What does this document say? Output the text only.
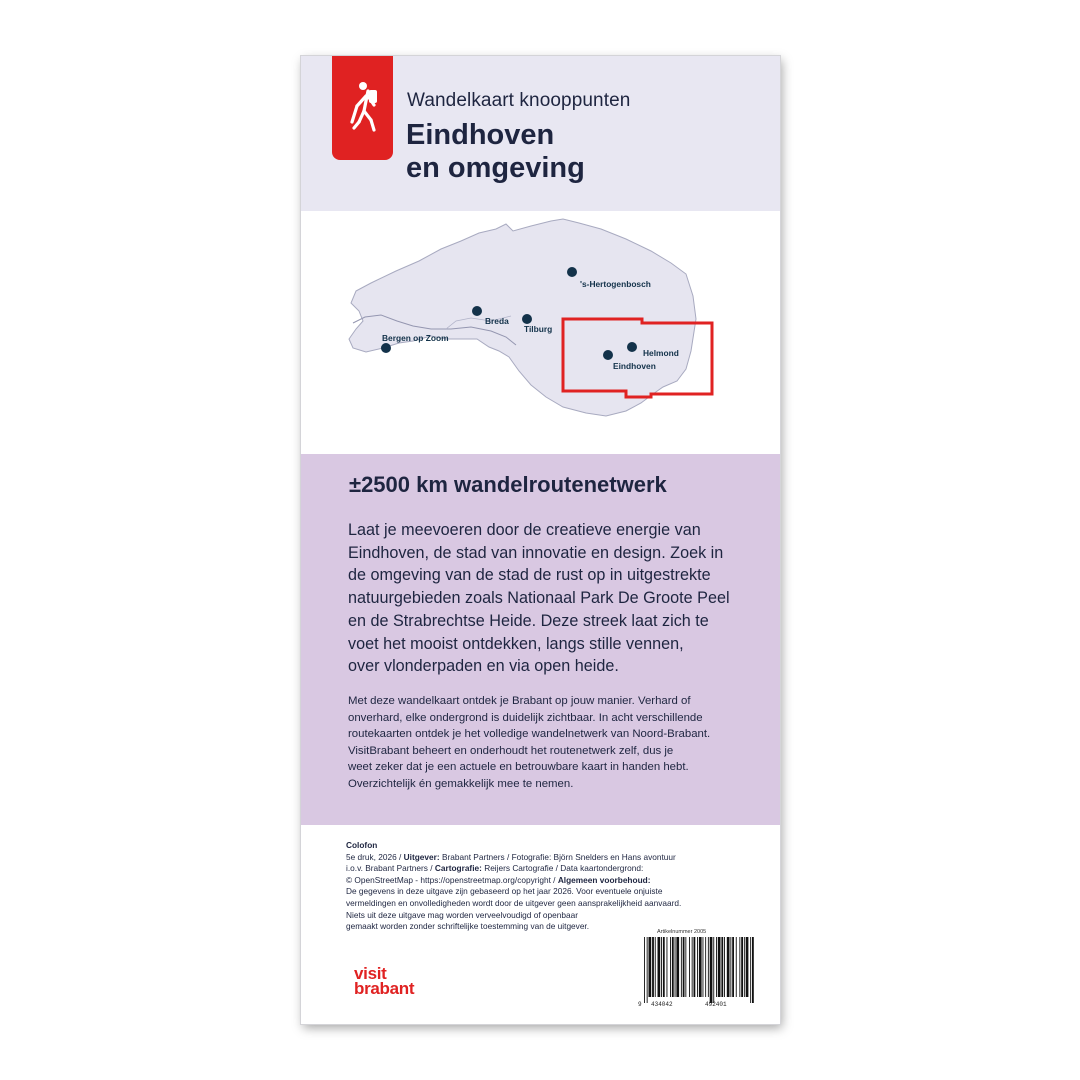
Wandelkaart knooppunten
Eindhoven
en omgeving
's-Hertogenbosch
Breda
Tilburg
Bergen op Zoom
Helmond
Eindhoven
±2500 km wandelroutenetwerk
Laat je meevoeren door de creatieve energie van
Eindhoven, de stad van innovatie en design. Zoek in
de omgeving van de stad de rust op in uitgestrekte
natuurgebieden zoals Nationaal Park De Groote Peel
en de Strabrechtse Heide. Deze streek laat zich te
voet het mooist ontdekken, langs stille vennen,
over vlonderpaden en via open heide.
Met deze wandelkaart ontdek je Brabant op jouw manier. Verhard of
onverhard, elke ondergrond is duidelijk zichtbaar. In acht verschillende
routekaarten ontdek je het volledige wandelnetwerk van Noord-Brabant.
VisitBrabant beheert en onderhoudt het routenetwerk zelf, dus je
weet zeker dat je een actuele en betrouwbare kaart in handen hebt.
Overzichtelijk én gemakkelijk mee te nemen.
Colofon
5e druk, 2026 / Uitgever: Brabant Partners / Fotografie: Björn Snelders en Hans avontuur
i.o.v. Brabant Partners / Cartografie: Reijers Cartografie / Data kaartondergrond:
© OpenStreetMap - https://openstreetmap.org/copyright / Algemeen voorbehoud:
De gegevens in deze uitgave zijn gebaseerd op het jaar 2026. Voor eventuele onjuiste
vermeldingen en onvolledigheden wordt door de uitgever geen aansprakelijkheid aanvaard.
Niets uit deze uitgave mag worden verveelvoudigd of openbaar
gemaakt worden zonder schriftelijke toestemming van de uitgever.
Artikelnummer 2005
9 434042	492401
visit
brabant
